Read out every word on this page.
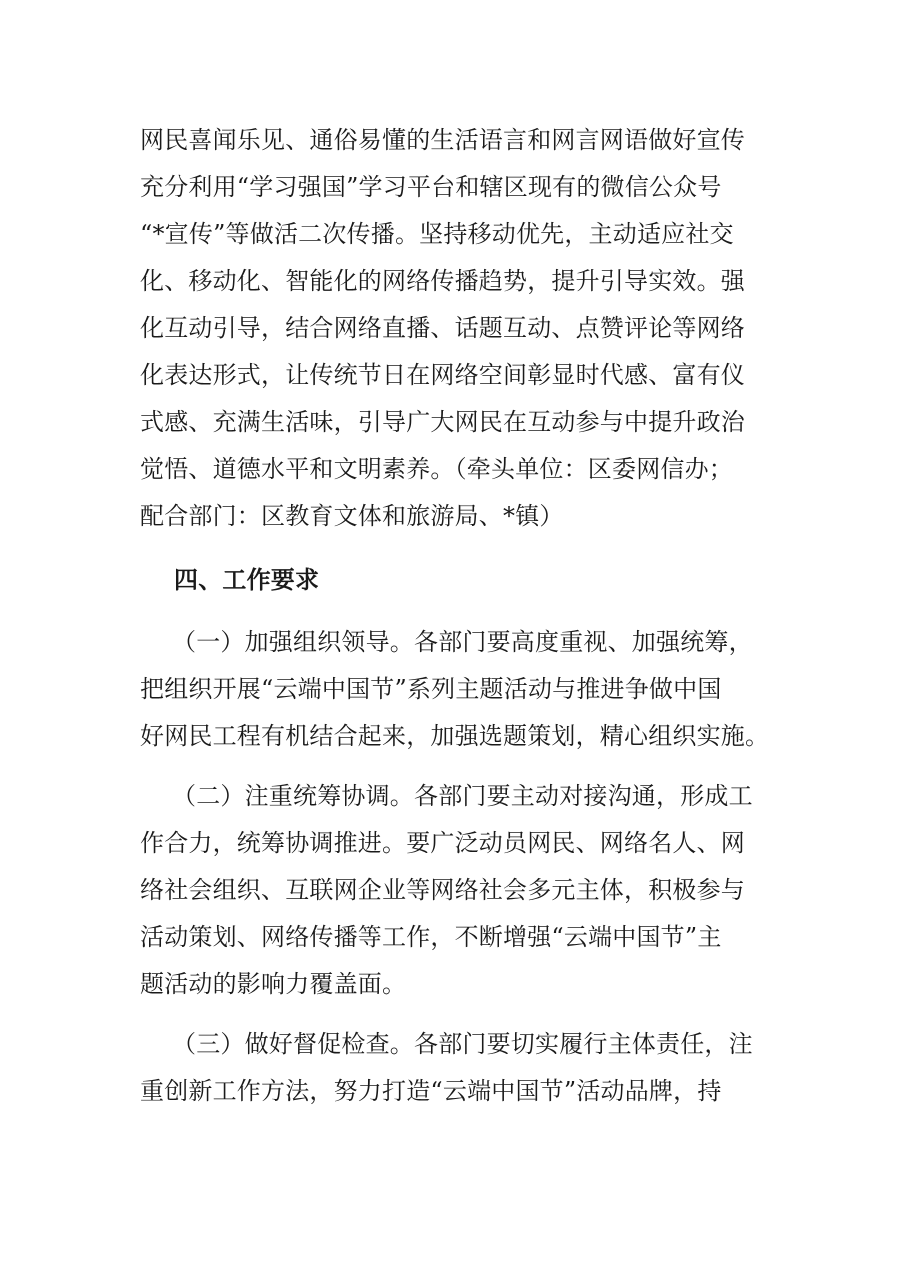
网民喜闻乐见、通俗易懂的生活语言和网言网语做好宣传
充分利用“学习强国”学习平台和辖区现有的微信公众号
“*宣传”等做活二次传播。坚持移动优先，主动适应社交
化、移动化、智能化的网络传播趋势，提升引导实效。强
化互动引导，结合网络直播、话题互动、点赞评论等网络
化表达形式，让传统节日在网络空间彰显时代感、富有仪
式感、充满生活味，引导广大网民在互动参与中提升政治
觉悟、道德水平和文明素养。（牵头单位：区委网信办；
配合部门：区教育文体和旅游局、*镇）
四、工作要求
（一）加强组织领导。各部门要高度重视、加强统筹，
把组织开展“云端中国节”系列主题活动与推进争做中国
好网民工程有机结合起来，加强选题策划，精心组织实施。
（二）注重统筹协调。各部门要主动对接沟通，形成工
作合力，统筹协调推进。要广泛动员网民、网络名人、网
络社会组织、互联网企业等网络社会多元主体，积极参与
活动策划、网络传播等工作，不断增强“云端中国节”主
题活动的影响力覆盖面。
（三）做好督促检查。各部门要切实履行主体责任，注
重创新工作方法，努力打造“云端中国节”活动品牌，持
